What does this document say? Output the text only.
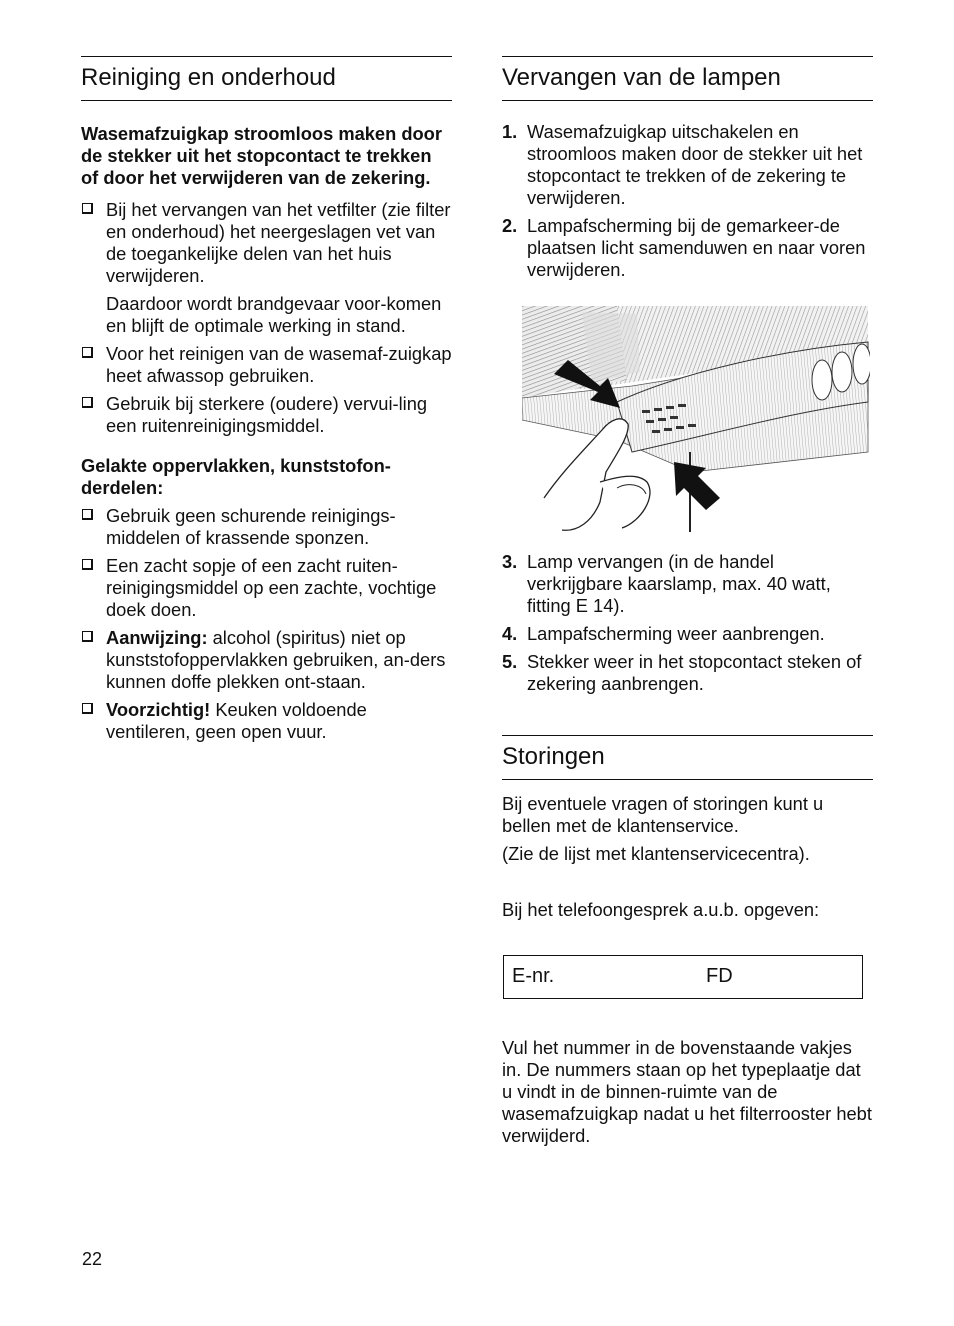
Reiniging en onderhoud

Wasemafzuigkap stroomloos maken door de stekker uit het stopcontact te trekken of door het verwijderen van de zekering.

Bij het vervangen van het vetfilter (zie filter en onderhoud) het neergeslagen vet van de toegankelijke delen van het huis verwijderen.

Daardoor wordt brandgevaar voor-komen en blijft de optimale werking in stand.

Voor het reinigen van de wasemaf-zuigkap heet afwassop gebruiken.
Gebruik bij sterkere (oudere) vervui-ling een ruitenreinigingsmiddel.

Gelakte oppervlakken, kunststofon-derdelen:

Gebruik geen schurende reinigings-middelen of krassende sponzen.
Een zacht sopje of een zacht ruiten-reinigingsmiddel op een zachte, vochtige doek doen.
Aanwijzing: alcohol (spiritus) niet op kunststofoppervlakken gebruiken, an-ders kunnen doffe plekken ont-staan.
Voorzichtig! Keuken voldoende ventileren, geen open vuur.
Vervangen van de lampen
1. Wasemafzuigkap uitschakelen en stroomloos maken door de stekker uit het stopcontact te trekken of de zekering te verwijderen.
2. Lampafscherming bij de gemarkeer-de plaatsen licht samenduwen en naar voren verwijderen.
3. Lamp vervangen (in de handel verkrijgbare kaarslamp, max. 40 watt, fitting E 14).
4. Lampafscherming weer aanbrengen.
5. Stekker weer in het stopcontact steken of zekering aanbrengen.
Storingen

Bij eventuele vragen of storingen kunt u bellen met de klantenservice.

(Zie de lijst met klantenservicecentra).

Bij het telefoongesprek a.u.b. opgeven:

E-nr.	FD

Vul het nummer in de bovenstaande vakjes in. De nummers staan op het typeplaatje dat u vindt in de binnen-ruimte van de wasemafzuigkap nadat u het filterrooster hebt verwijderd.

22
